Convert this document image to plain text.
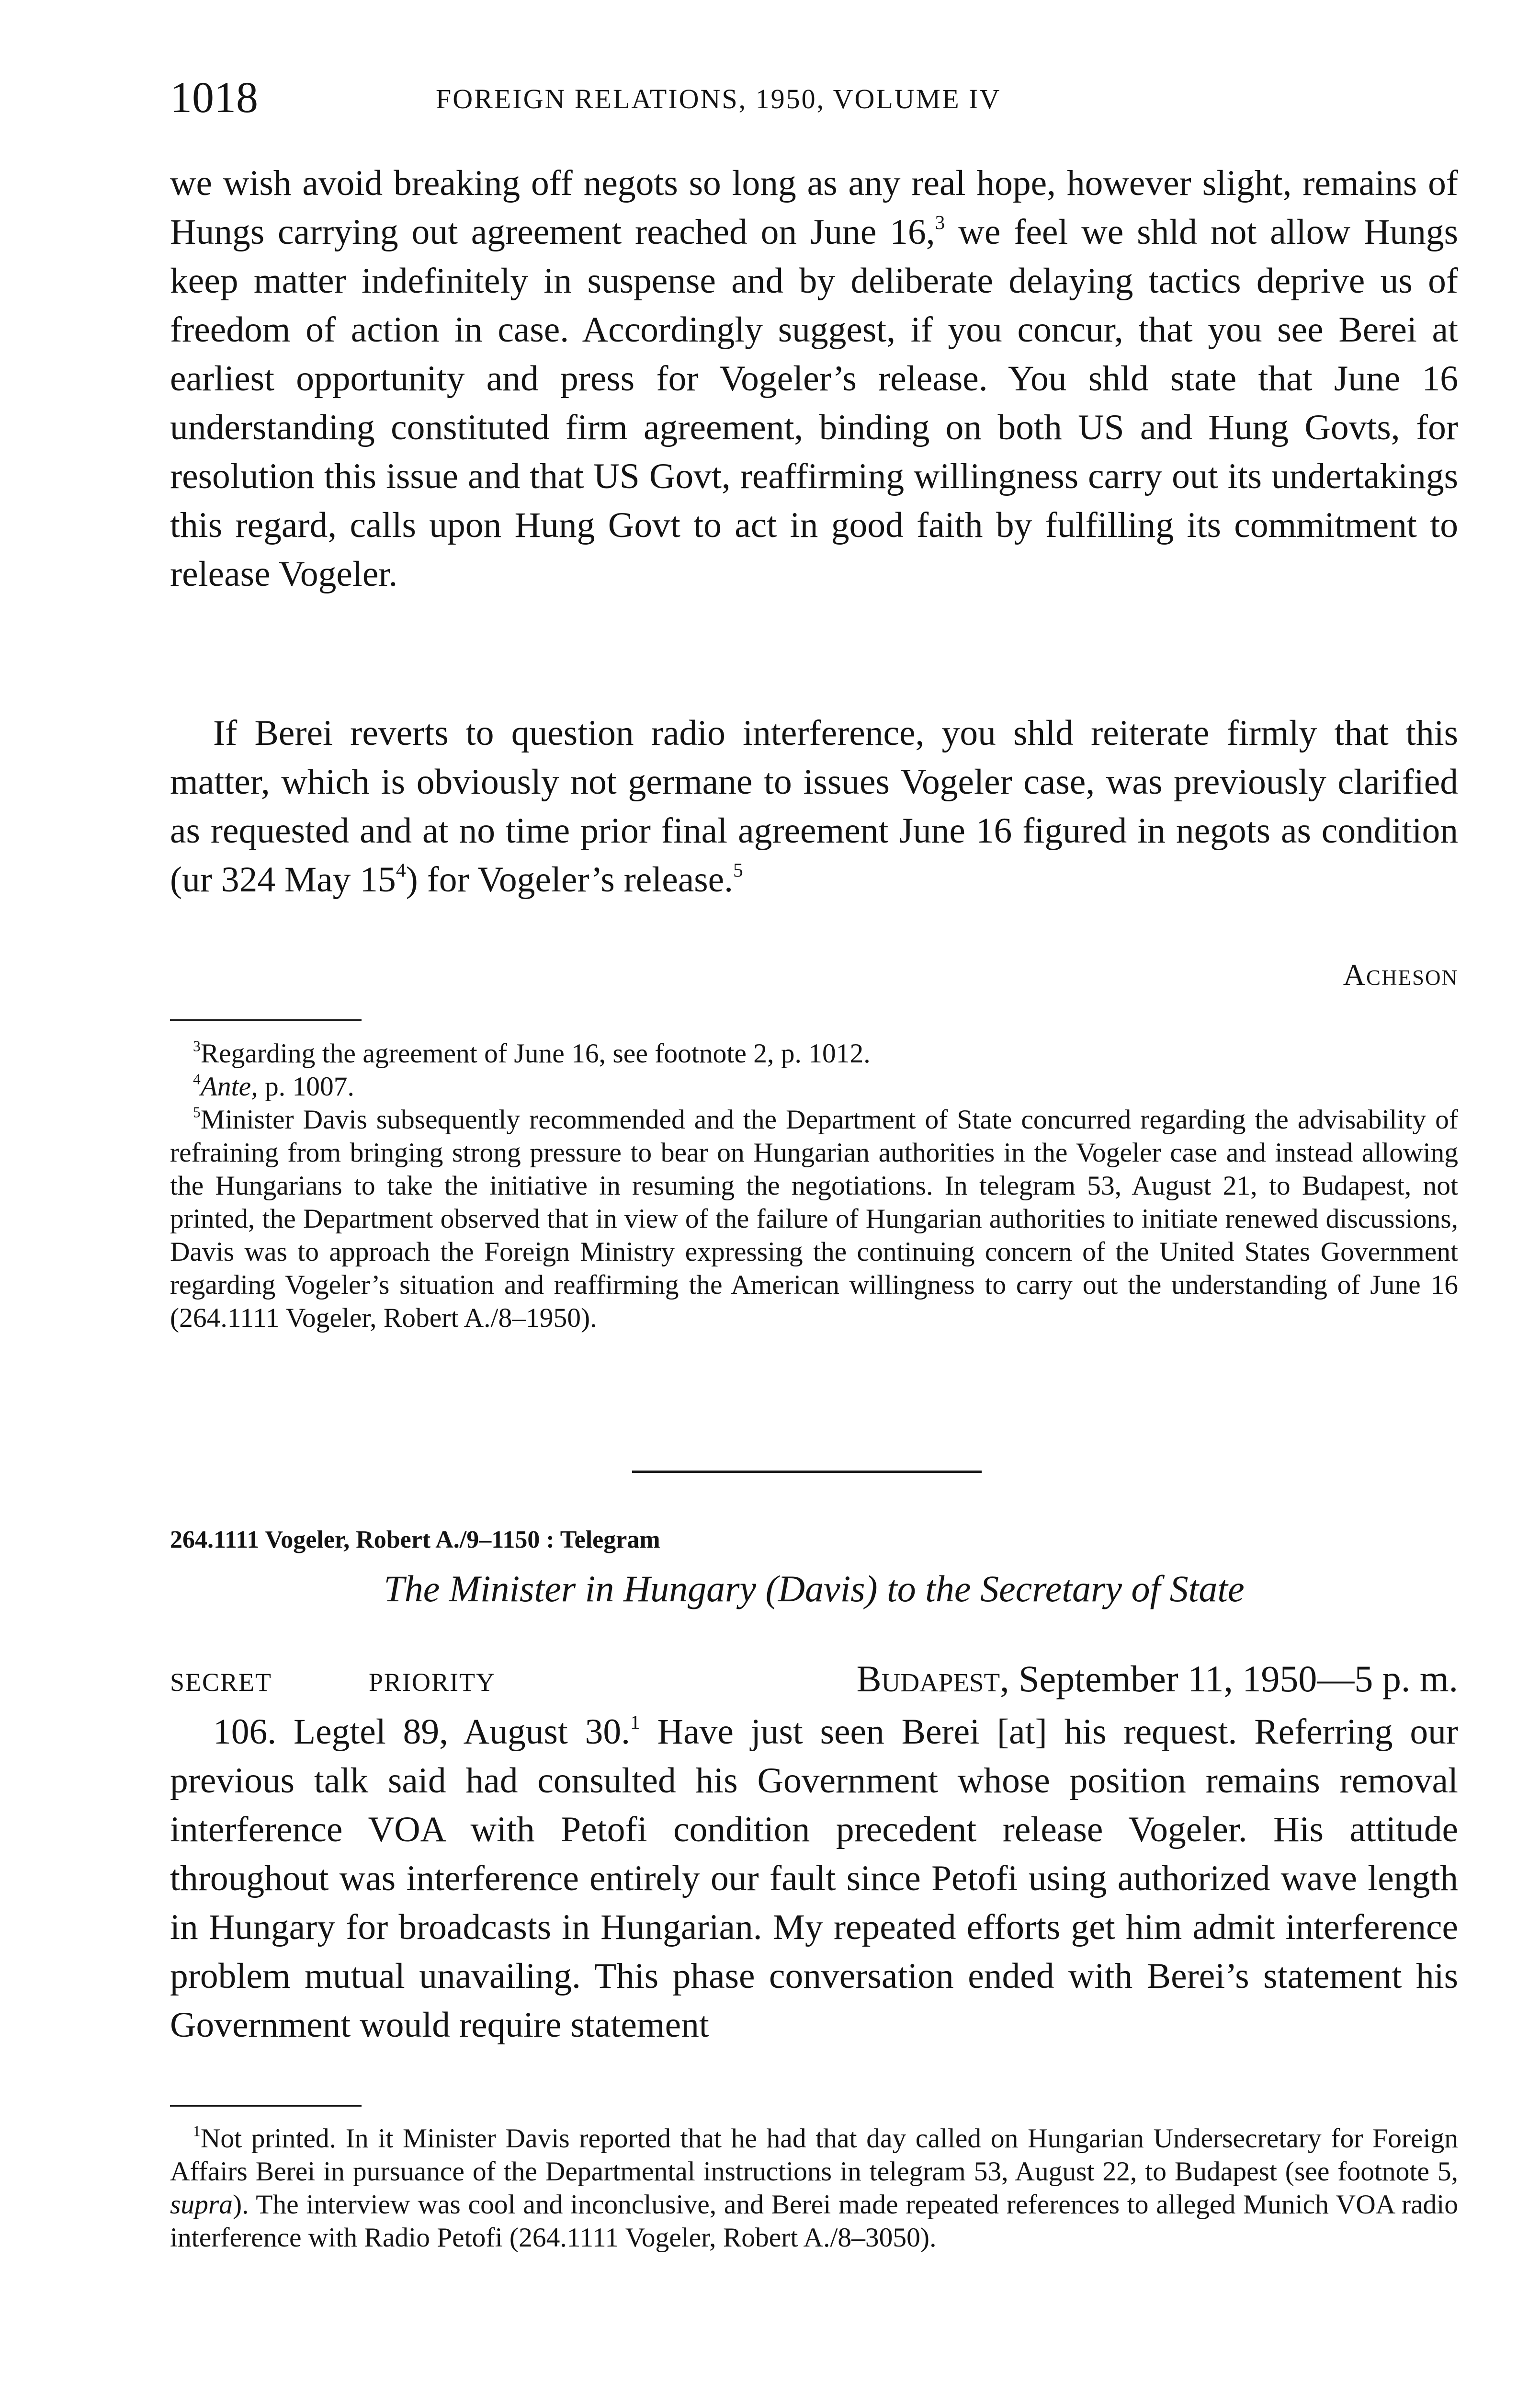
1018	FOREIGN RELATIONS, 1950, VOLUME IV

we wish avoid breaking off negots so long as any real hope, however slight, remains of Hungs carrying out agreement reached on June 16,$^3$ we feel we shld not allow Hungs keep matter indefinitely in suspense and by deliberate delaying tactics deprive us of freedom of action in case. Accordingly suggest, if you concur, that you see Berei at earliest opportunity and press for Vogeler’s release. You shld state that June 16 understanding constituted firm agreement, binding on both US and Hung Govts, for resolution this issue and that US Govt, reaffirming willingness carry out its undertakings this regard, calls upon Hung Govt to act in good faith by fulfilling its commitment to release Vogeler.

If Berei reverts to question radio interference, you shld reiterate firmly that this matter, which is obviously not germane to issues Vogeler case, was previously clarified as requested and at no time prior final agreement June 16 figured in negots as condition (ur 324 May $15^4$) for Vogeler’s release.$^5$

Acheson

$^3$Regarding the agreement of June 16, see footnote 2, p. 1012.

$^4$Ante, p. 1007.

$^5$Minister Davis subsequently recommended and the Department of State concurred regarding the advisability of refraining from bringing strong pressure to bear on Hungarian authorities in the Vogeler case and instead allowing the Hungarians to take the initiative in resuming the negotiations. In telegram 53, August 21, to Budapest, not printed, the Department observed that in view of the failure of Hungarian authorities to initiate renewed discussions, Davis was to approach the Foreign Ministry expressing the continuing concern of the United States Government regarding Vogeler’s situation and reaffirming the American willingness to carry out the understanding of June 16 (264.1111 Vogeler, Robert A./8–1950).

264.1111 Vogeler, Robert A./9–1150 : Telegram
The Minister in Hungary (Davis) to the Secretary of State
SECRET	PRIORITY	Budapest, September 11, 1950—5 p. m.

106. Legtel 89, August 30.$^1$ Have just seen Berei [at] his request. Referring our previous talk said had consulted his Government whose position remains removal interference VOA with Petofi condition precedent release Vogeler. His attitude throughout was interference entirely our fault since Petofi using authorized wave length in Hungary for broadcasts in Hungarian. My repeated efforts get him admit interference problem mutual unavailing. This phase conversation ended with Berei’s statement his Government would require statement

$^1$Not printed. In it Minister Davis reported that he had that day called on Hungarian Undersecretary for Foreign Affairs Berei in pursuance of the Departmental instructions in telegram 53, August 22, to Budapest (see footnote 5, supra). The interview was cool and inconclusive, and Berei made repeated references to alleged Munich VOA radio interference with Radio Petofi (264.1111 Vogeler, Robert A./8–3050).
